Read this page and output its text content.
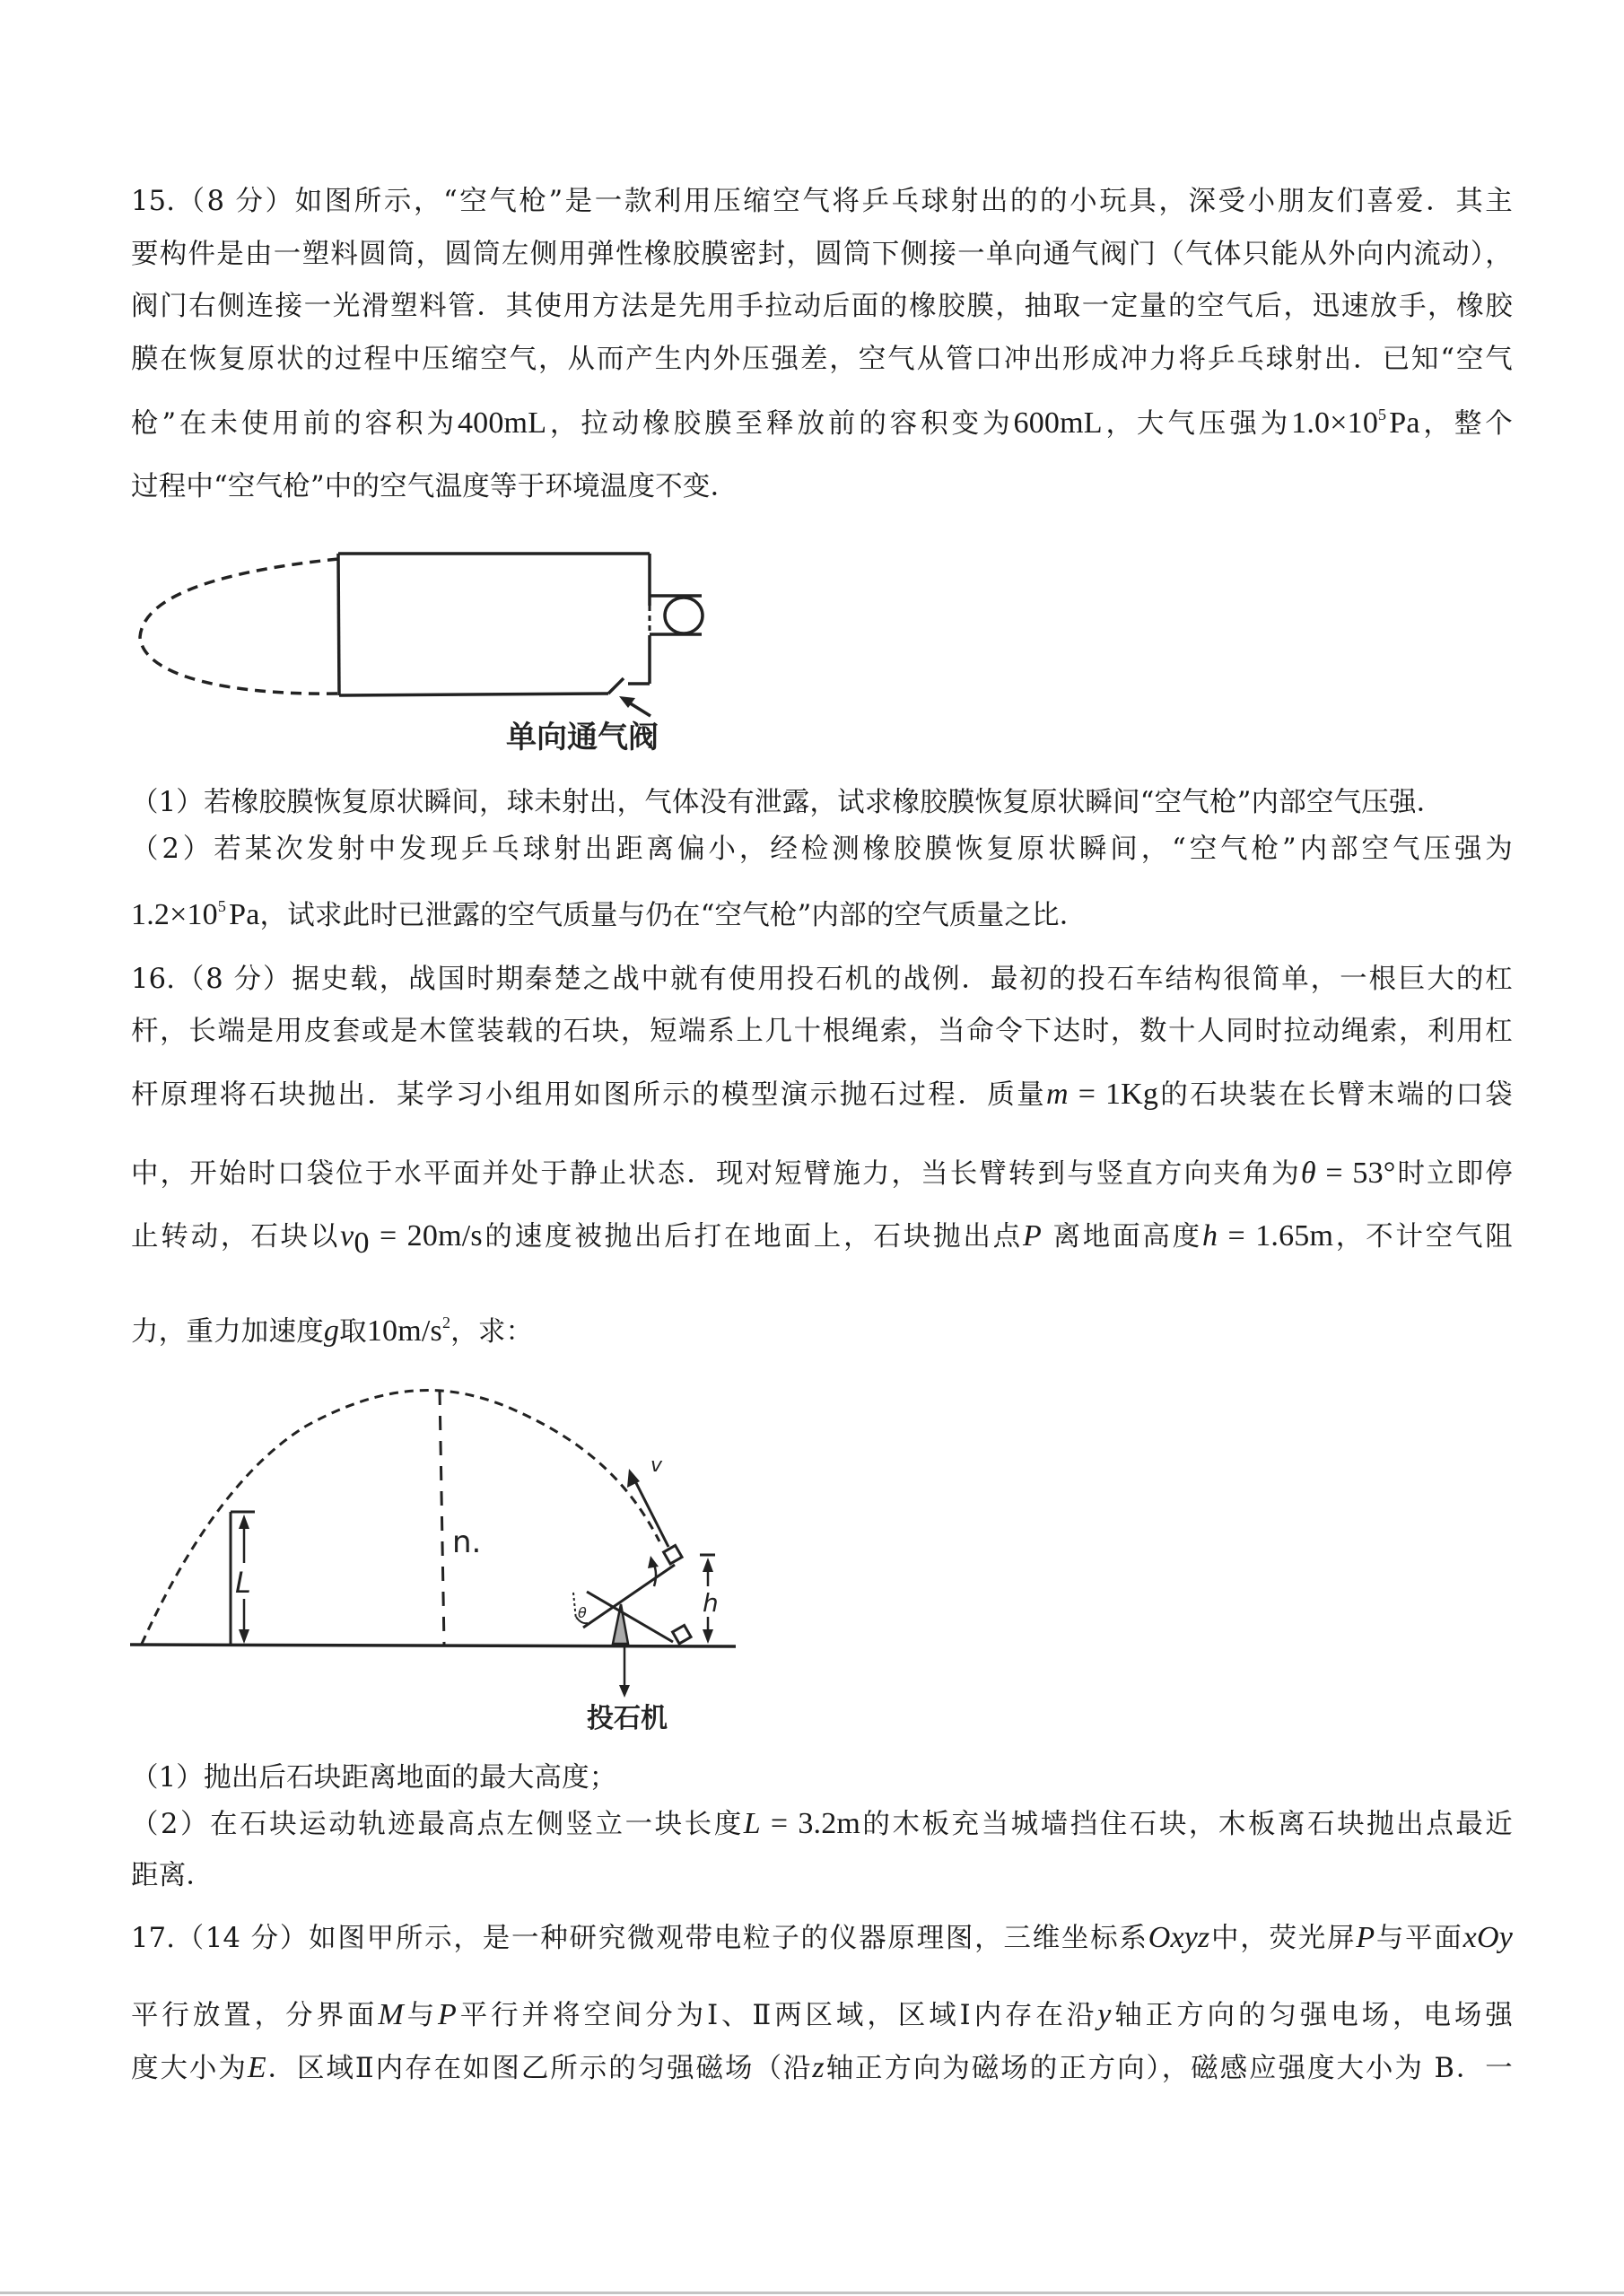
15.（8 分）如图所示，“空气枪”是一款利用压缩空气将乒乓球射出的的小玩具，深受小朋友们喜爱．其主
要构件是由一塑料圆筒，圆筒左侧用弹性橡胶膜密封，圆筒下侧接一单向通气阀门（气体只能从外向内流动），
阀门右侧连接一光滑塑料管．其使用方法是先用手拉动后面的橡胶膜，抽取一定量的空气后，迅速放手，橡胶
膜在恢复原状的过程中压缩空气，从而产生内外压强差，空气从管口冲出形成冲力将乒乓球射出．已知“空气
枪”在未使用前的容积为400mL，拉动橡胶膜至释放前的容积变为600mL，大气压强为$1.0\times 10^5$ Pa，整个
过程中“空气枪”中的空气温度等于环境温度不变．
单向通气阀
（1）若橡胶膜恢复原状瞬间，球未射出，气体没有泄露，试求橡胶膜恢复原状瞬间“空气枪”内部空气压强．
（2）若某次发射中发现乒乓球射出距离偏小，经检测橡胶膜恢复原状瞬间，“空气枪”内部空气压强为
$1.2\times 10^5$ Pa，试求此时已泄露的空气质量与仍在“空气枪”内部的空气质量之比．
16.（8 分）据史载，战国时期秦楚之战中就有使用投石机的战例．最初的投石车结构很简单，一根巨大的杠
杆，长端是用皮套或是木筐装载的石块，短端系上几十根绳索，当命令下达时，数十人同时拉动绳索，利用杠
杆原理将石块抛出．某学习小组用如图所示的模型演示抛石过程．质量m = 1Kg的石块装在长臂末端的口袋
中，开始时口袋位于水平面并处于静止状态．现对短臂施力，当长臂转到与竖直方向夹角为θ = 53°时立即停
止转动，石块以$v_0 = 20m/s$的速度被抛出后打在地面上，石块抛出点P 离地面高度h = 1.65m，不计空气阻
力，重力加速度g取$10m/s^2$，求：
n.
L
v
θ	h
投石机
（1）抛出后石块距离地面的最大高度；
（2）在石块运动轨迹最高点左侧竖立一块长度L = 3.2m的木板充当城墙挡住石块，木板离石块抛出点最近
距离．
17.（14 分）如图甲所示，是一种研究微观带电粒子的仪器原理图，三维坐标系Oxyz中，荧光屏P与平面xOy
平行放置，分界面M与P平行并将空间分为Ⅰ、Ⅱ两区域，区域Ⅰ内存在沿y轴正方向的匀强电场，电场强
度大小为E．区域Ⅱ内存在如图乙所示的匀强磁场（沿z轴正方向为磁场的正方向），磁感应强度大小为 B．一
